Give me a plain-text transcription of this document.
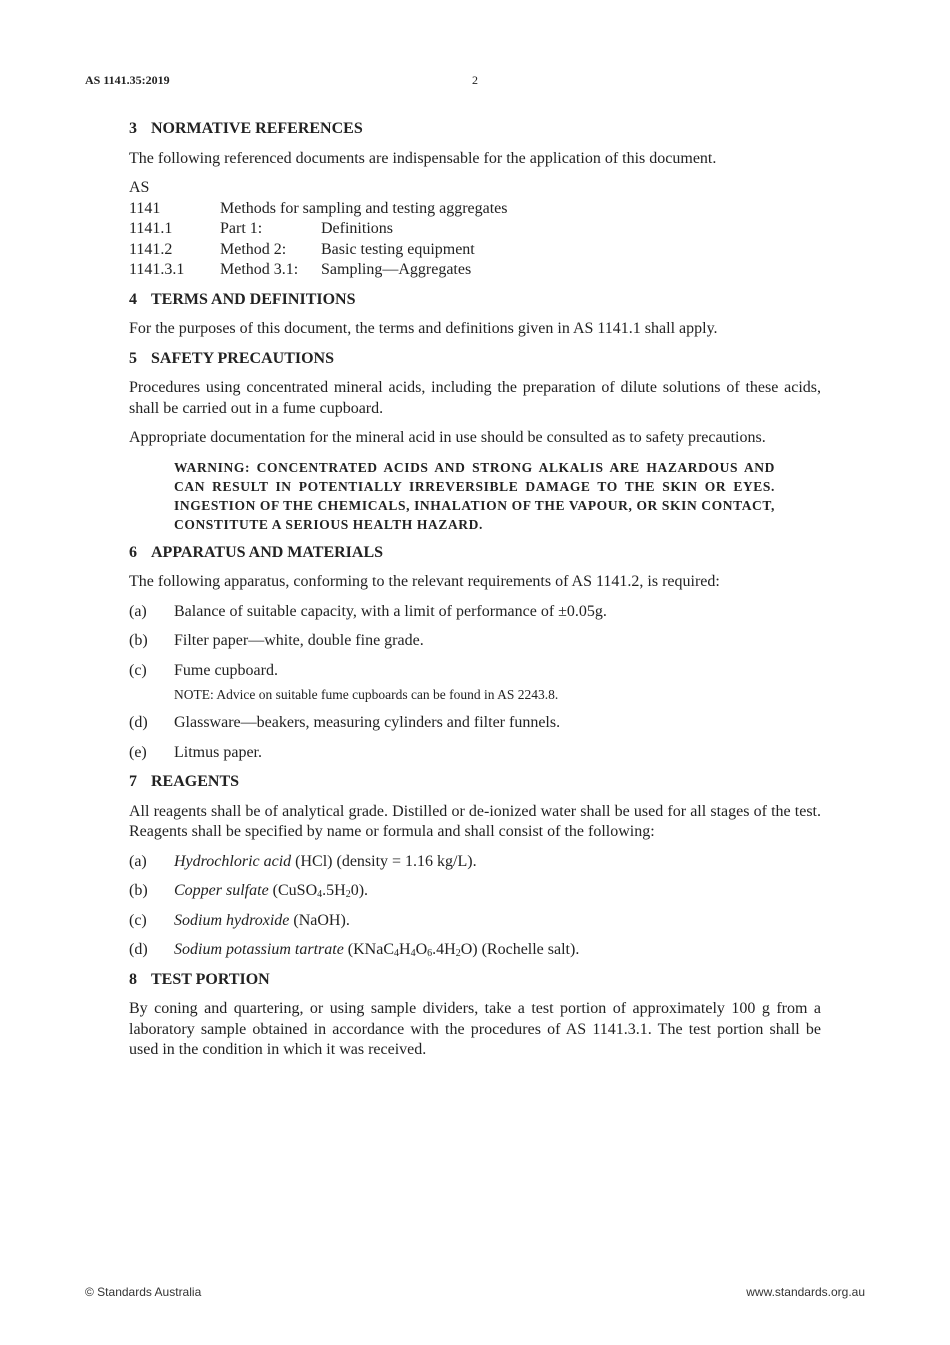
AS 1141.35:2019	2
3 NORMATIVE REFERENCES

The following referenced documents are indispensable for the application of this document.

AS
1141	Methods for sampling and testing aggregates
1141.1	Part 1:	Definitions
1141.2	Method 2:	Basic testing equipment
1141.3.1	Method 3.1:	Sampling—Aggregates
4 TERMS AND DEFINITIONS

For the purposes of this document, the terms and definitions given in AS 1141.1 shall apply.

5 SAFETY PRECAUTIONS

Procedures using concentrated mineral acids, including the preparation of dilute solutions of these acids, shall be carried out in a fume cupboard.

Appropriate documentation for the mineral acid in use should be consulted as to safety precautions.

WARNING: CONCENTRATED ACIDS AND STRONG ALKALIS ARE HAZARDOUS AND CAN RESULT IN POTENTIALLY IRREVERSIBLE DAMAGE TO THE SKIN OR EYES. INGESTION OF THE CHEMICALS, INHALATION OF THE VAPOUR, OR SKIN CONTACT, CONSTITUTE A SERIOUS HEALTH HAZARD.
6 APPARATUS AND MATERIALS

The following apparatus, conforming to the relevant requirements of AS 1141.2, is required:

(a)	Balance of suitable capacity, with a limit of performance of ±0.05g.
(b)	Filter paper—white, double fine grade.
(c)	Fume cupboard.
NOTE: Advice on suitable fume cupboards can be found in AS 2243.8.
(d)	Glassware—beakers, measuring cylinders and filter funnels.
(e)	Litmus paper.
7 REAGENTS

All reagents shall be of analytical grade. Distilled or de-ionized water shall be used for all stages of the test. Reagents shall be specified by name or formula and shall consist of the following:

(a)	Hydrochloric acid (HCl) (density = 1.16 kg/L).
(b)	Copper sulfate $(CuSO_4.5H_20)$.
(c)	Sodium hydroxide (NaOH).
(d)	Sodium potassium tartrate $(KNaC_4H_4O_6.4H_2O)$ (Rochelle salt).
8 TEST PORTION

By coning and quartering, or using sample dividers, take a test portion of approximately 100 g from a laboratory sample obtained in accordance with the procedures of AS 1141.3.1. The test portion shall be used in the condition in which it was received.

© Standards Australia	www.standards.org.au
